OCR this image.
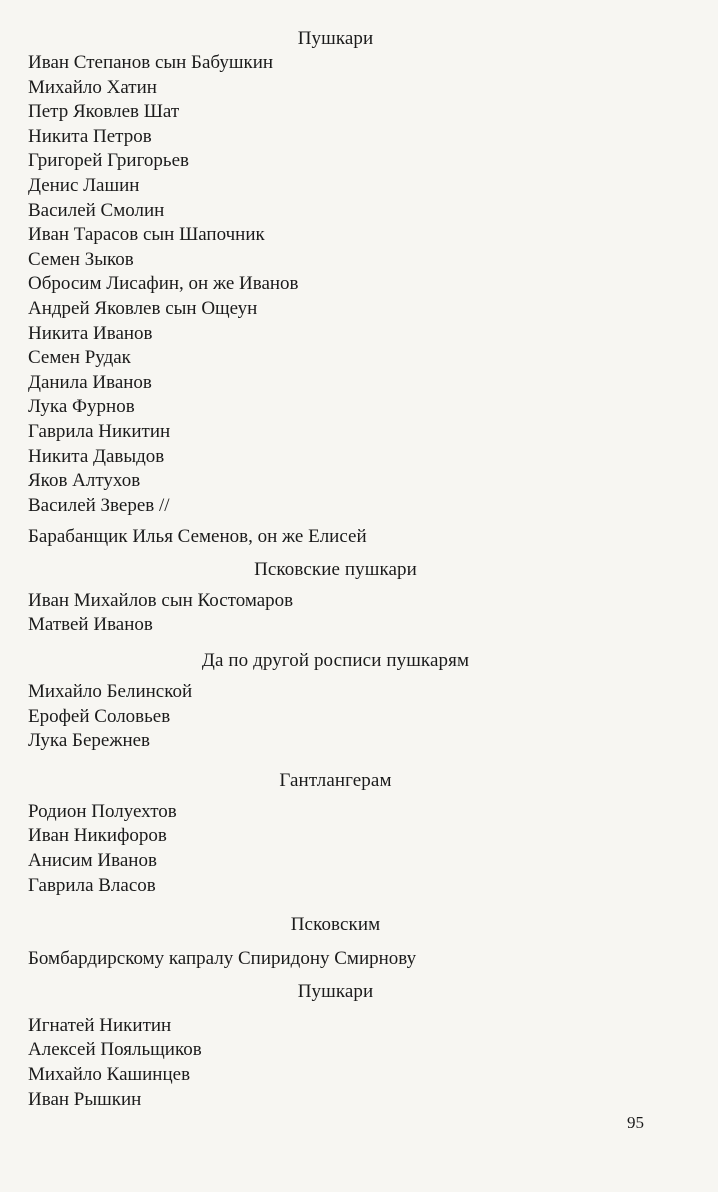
Пушкари
Иван Степанов сын Бабушкин
Михайло Хатин
Петр Яковлев Шат
Никита Петров
Григорей Григорьев
Денис Лашин
Василей Смолин
Иван Тарасов сын Шапочник
Семен Зыков
Обросим Лисафин, он же Иванов
Андрей Яковлев сын Ощеун
Никита Иванов
Семен Рудак
Данила Иванов
Лука Фурнов
Гаврила Никитин
Никита Давыдов
Яков Алтухов
Василей Зверев //
Барабанщик Илья Семенов, он же Елисей
Псковские пушкари
Иван Михайлов сын Костомаров
Матвей Иванов
Да по другой росписи пушкарям
Михайло Белинской
Ерофей Соловьев
Лука Бережнев
Гантлангерам
Родион Полуехтов
Иван Никифоров
Анисим Иванов
Гаврила Власов
Псковским
Бомбардирскому капралу Спиридону Смирнову
Пушкари
Игнатей Никитин
Алексей Пояльщиков
Михайло Кашинцев
Иван Рышкин
95
